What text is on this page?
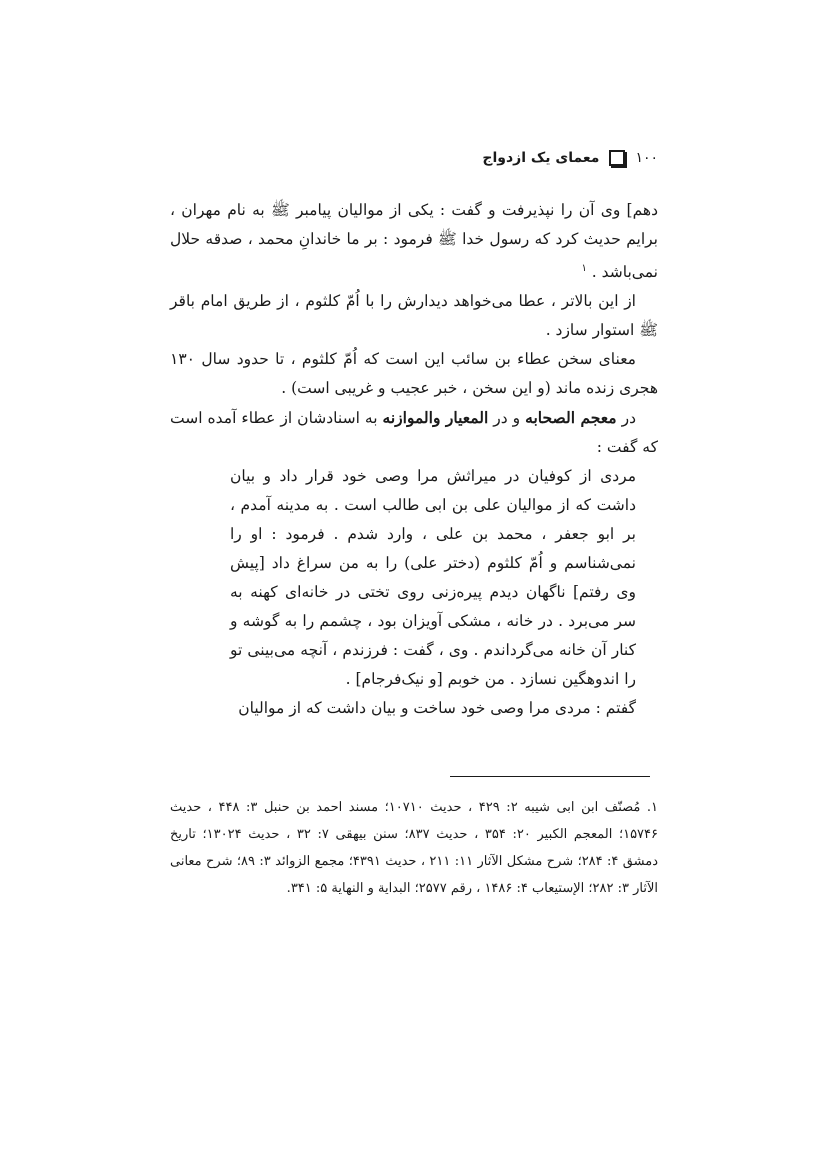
۱۰۰
معمای یک ازدواج

دهم] وی آن را نپذیرفت و گفت : یکی از موالیان پیامبر ﷺ به نام مهران ، برایم حدیث کرد که رسول خدا ﷺ فرمود : بر ما خاندانِ محمد ، صدقه حلال نمی‌باشد . $^۱$

از این بالاتر ، عطا می‌خواهد دیدارش را با اُمّ کلثوم ، از طریق امام باقر ﷺ استوار سازد .

معنای سخن عطاء بن سائب این است که اُمّ کلثوم ، تا حدود سال ۱۳۰ هجری زنده ماند (و این سخن ، خبر عجیب و غریبی است) .

در معجم الصحابه و در المعیار والموازنه به اسنادشان از عطاء آمده است که گفت :

مردی از کوفیان در میراثش مرا وصی خود قرار داد و بیان داشت که از موالیان علی بن ابی طالب است . به مدینه آمدم ، بر ابو جعفر ، محمد بن علی ، وارد شدم . فرمود : او را نمی‌شناسم و اُمّ کلثوم (دختر علی) را به من سراغ داد [پیش وی رفتم] ناگهان دیدم پیره‌زنی روی تختی در خانه‌ای کهنه به سر می‌برد . در خانه ، مشکی آویزان بود ، چشمم را به گوشه و کنار آن خانه می‌گرداندم . وی ، گفت : فرزندم ، آنچه می‌بینی تو را اندوهگین نسازد . من خوبم [و نیک‌فرجام] .

گفتم : مردی مرا وصی خود ساخت و بیان داشت که از موالیان

۱. مُصنّف ابن ابی شیبه ۲: ۴۲۹ ، حدیث ۱۰۷۱۰؛ مسند احمد بن حنبل ۳: ۴۴۸ ، حدیث ۱۵۷۴۶؛ المعجم الکبیر ۲۰: ۳۵۴ ، حدیث ۸۳۷؛ سنن بیهقی ۷: ۳۲ ، حدیث ۱۳۰۲۴؛ تاریخ دمشق ۴: ۲۸۴؛ شرح مشکل الآثار ۱۱: ۲۱۱ ، حدیث ۴۳۹۱؛ مجمع الزوائد ۳: ۸۹؛ شرح معانی الآثار ۳: ۲۸۲؛ الإستیعاب ۴: ۱۴۸۶ ، رقم ۲۵۷۷؛ البدایة و النهایة ۵: ۳۴۱.
